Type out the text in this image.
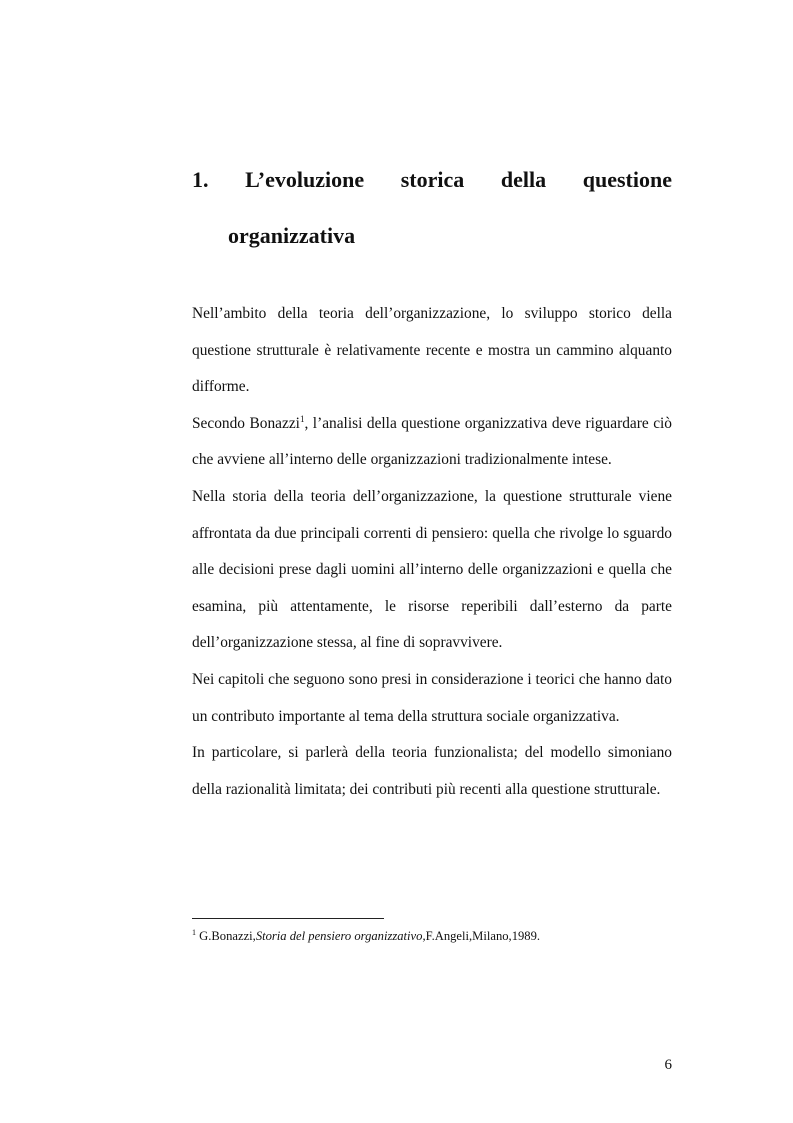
1. L’evoluzione storica della questione
organizzativa

Nell’ambito della teoria dell’organizzazione, lo sviluppo storico della questione strutturale è relativamente recente e mostra un cammino alquanto difforme.

Secondo Bonazzi$^1$, l’analisi della questione organizzativa deve riguardare ciò che avviene all’interno delle organizzazioni tradizionalmente intese.

Nella storia della teoria dell’organizzazione, la questione strutturale viene affrontata da due principali correnti di pensiero: quella che rivolge lo sguardo alle decisioni prese dagli uomini all’interno delle organizzazioni e quella che esamina, più attentamente, le risorse reperibili dall’esterno da parte dell’organizzazione stessa, al fine di sopravvivere.

Nei capitoli che seguono sono presi in considerazione i teorici che hanno dato un contributo importante al tema della struttura sociale organizzativa.

In particolare, si parlerà della teoria funzionalista; del modello simoniano della razionalità limitata; dei contributi più recenti alla questione strutturale.

$^1$ G.Bonazzi,Storia del pensiero organizzativo,F.Angeli,Milano,1989.
6
